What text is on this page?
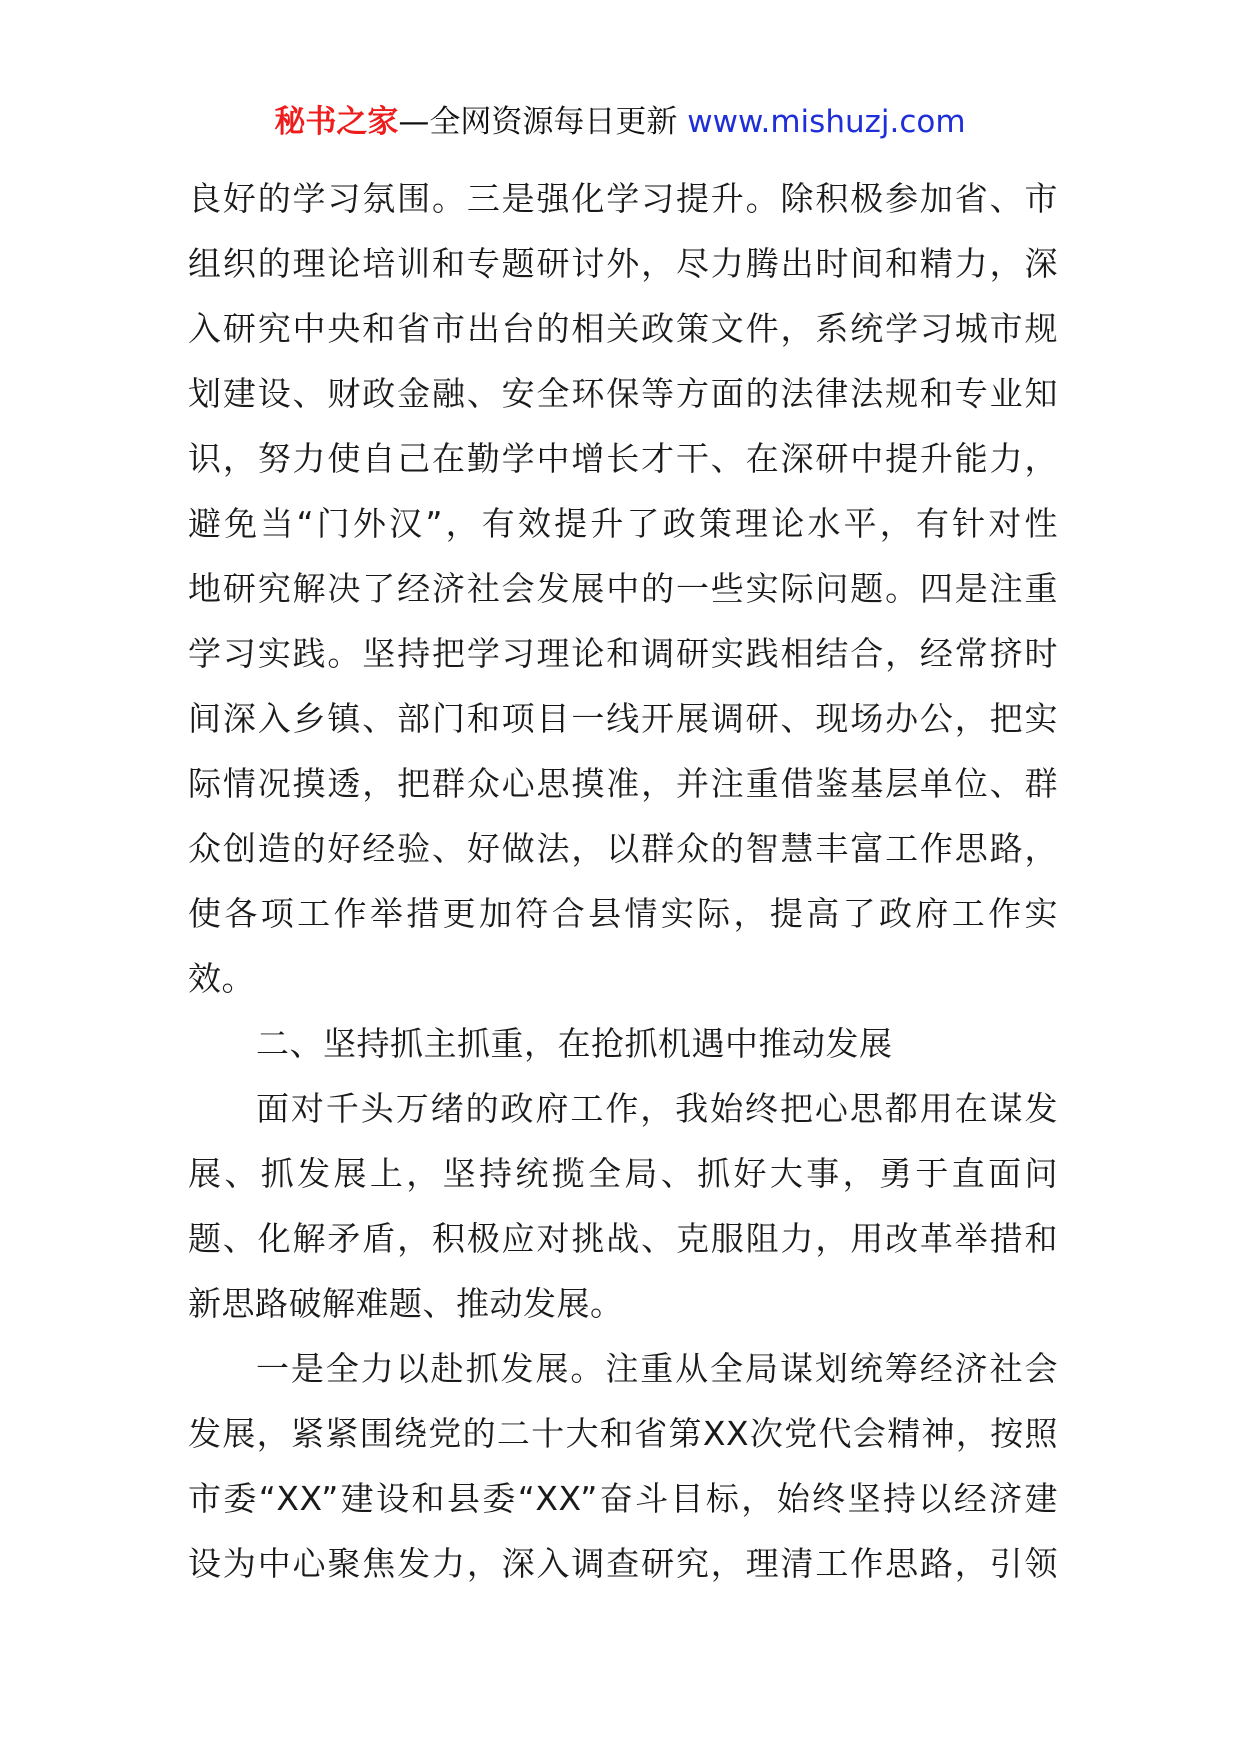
秘书之家—全网资源每日更新 www.mishuzj.com
良好的学习氛围。三是强化学习提升。除积极参加省、市
组织的理论培训和专题研讨外，尽力腾出时间和精力，深
入研究中央和省市出台的相关政策文件，系统学习城市规
划建设、财政金融、安全环保等方面的法律法规和专业知
识，努力使自己在勤学中增长才干、在深研中提升能力，
避免当“门外汉”，有效提升了政策理论水平，有针对性
地研究解决了经济社会发展中的一些实际问题。四是注重
学习实践。坚持把学习理论和调研实践相结合，经常挤时
间深入乡镇、部门和项目一线开展调研、现场办公，把实
际情况摸透，把群众心思摸准，并注重借鉴基层单位、群
众创造的好经验、好做法，以群众的智慧丰富工作思路，
使各项工作举措更加符合县情实际，提高了政府工作实
效。
二、坚持抓主抓重，在抢抓机遇中推动发展
面对千头万绪的政府工作，我始终把心思都用在谋发
展、抓发展上，坚持统揽全局、抓好大事，勇于直面问
题、化解矛盾，积极应对挑战、克服阻力，用改革举措和
新思路破解难题、推动发展。
一是全力以赴抓发展。注重从全局谋划统筹经济社会
发展，紧紧围绕党的二十大和省第XX次党代会精神，按照
市委“XX”建设和县委“XX”奋斗目标，始终坚持以经济建
设为中心聚焦发力，深入调查研究，理清工作思路，引领
